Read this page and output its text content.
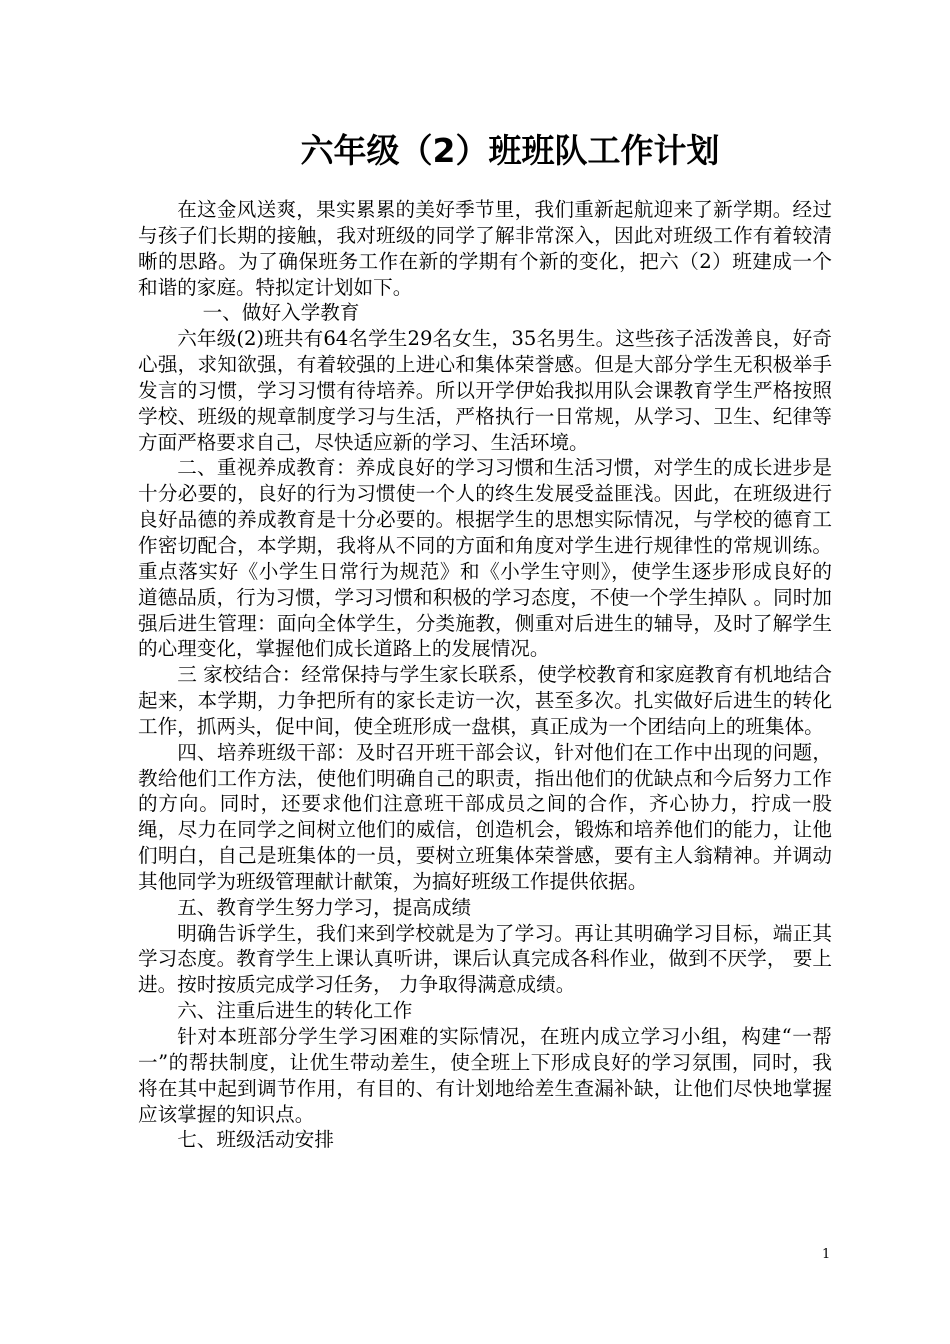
六年级（2）班班队工作计划

在这金风送爽，果实累累的美好季节里，我们重新起航迎来了新学期。经过与孩子们长期的接触，我对班级的同学了解非常深入，因此对班级工作有着较清晰的思路。为了确保班务工作在新的学期有个新的变化，把六（2）班建成一个和谐的家庭。特拟定计划如下。

一、做好入学教育

六年级(2)班共有64名学生29名女生，35名男生。这些孩子活泼善良，好奇心强，求知欲强，有着较强的上进心和集体荣誉感。但是大部分学生无积极举手发言的习惯，学习习惯有待培养。所以开学伊始我拟用队会课教育学生严格按照学校、班级的规章制度学习与生活，严格执行一日常规，从学习、卫生、纪律等方面严格要求自己，尽快适应新的学习、生活环境。

二、重视养成教育：养成良好的学习习惯和生活习惯，对学生的成长进步是十分必要的，良好的行为习惯使一个人的终生发展受益匪浅。因此，在班级进行良好品德的养成教育是十分必要的。根据学生的思想实际情况，与学校的德育工作密切配合，本学期，我将从不同的方面和角度对学生进行规律性的常规训练。重点落实好《小学生日常行为规范》和《小学生守则》，使学生逐步形成良好的道德品质，行为习惯，学习习惯和积极的学习态度，不使一个学生掉队 。同时加强后进生管理：面向全体学生，分类施教，侧重对后进生的辅导，及时了解学生的心理变化，掌握他们成长道路上的发展情况。

三 家校结合：经常保持与学生家长联系，使学校教育和家庭教育有机地结合起来，本学期，力争把所有的家长走访一次，甚至多次。扎实做好后进生的转化工作，抓两头，促中间，使全班形成一盘棋，真正成为一个团结向上的班集体。

四、培养班级干部：及时召开班干部会议，针对他们在工作中出现的问题，教给他们工作方法，使他们明确自己的职责，指出他们的优缺点和今后努力工作的方向。同时，还要求他们注意班干部成员之间的合作，齐心协力，拧成一股绳，尽力在同学之间树立他们的威信，创造机会，锻炼和培养他们的能力，让他们明白，自己是班集体的一员，要树立班集体荣誉感，要有主人翁精神。并调动其他同学为班级管理献计献策，为搞好班级工作提供依据。

五、教育学生努力学习，提高成绩

明确告诉学生，我们来到学校就是为了学习。再让其明确学习目标，端正其学习态度。教育学生上课认真听讲，课后认真完成各科作业，做到不厌学， 要上进。按时按质完成学习任务， 力争取得满意成绩。

六、注重后进生的转化工作

针对本班部分学生学习困难的实际情况，在班内成立学习小组，构建“一帮一”的帮扶制度，让优生带动差生，使全班上下形成良好的学习氛围，同时，我将在其中起到调节作用，有目的、有计划地给差生查漏补缺，让他们尽快地掌握应该掌握的知识点。

七、班级活动安排

1
